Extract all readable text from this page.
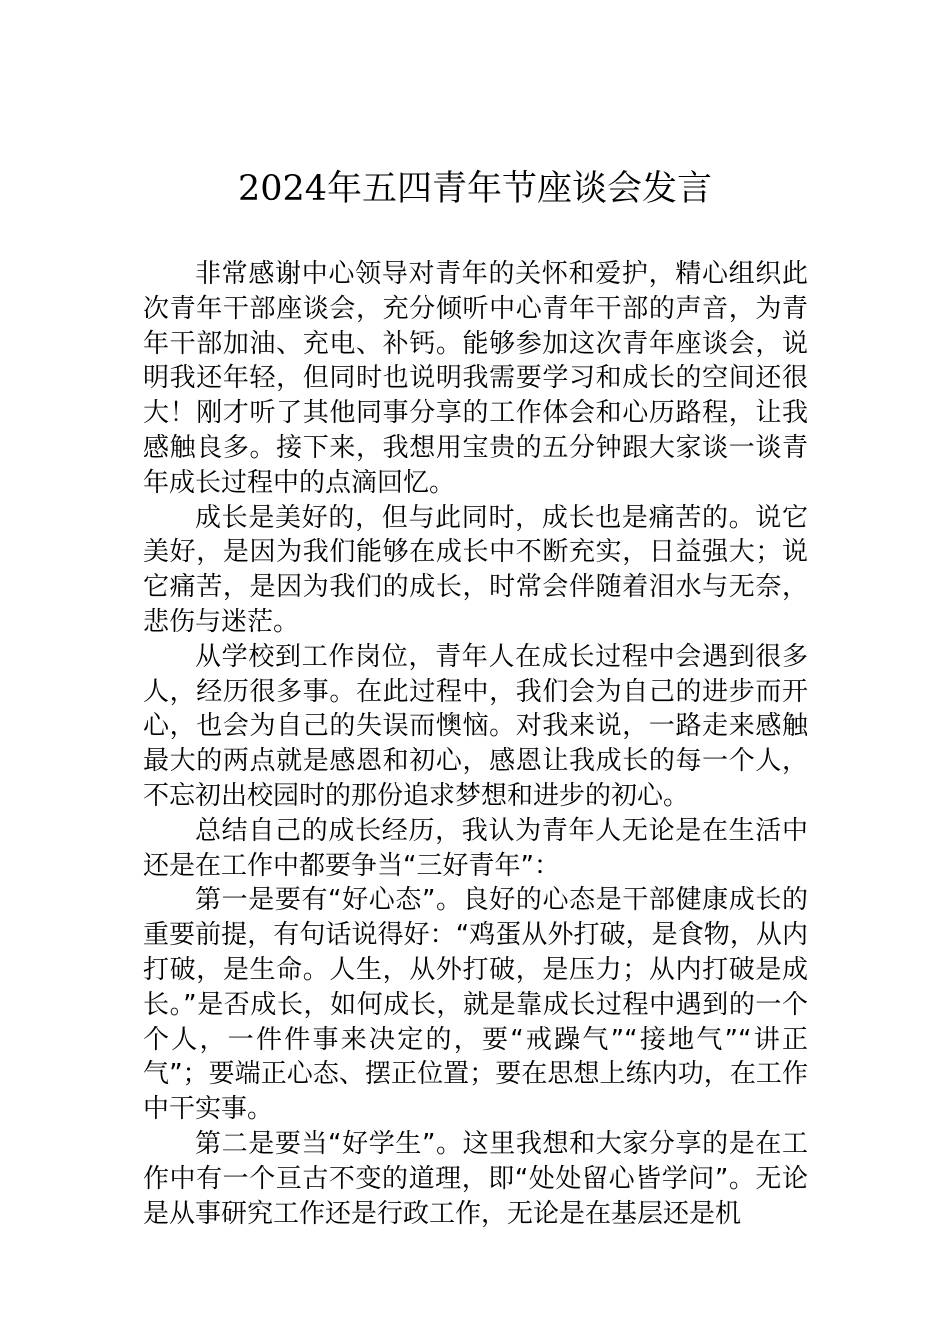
2024年五四青年节座谈会发言

非常感谢中心领导对青年的关怀和爱护，精心组织此次青年干部座谈会，充分倾听中心青年干部的声音，为青年干部加油、充电、补钙。能够参加这次青年座谈会，说明我还年轻，但同时也说明我需要学习和成长的空间还很大！刚才听了其他同事分享的工作体会和心历路程，让我感触良多。接下来，我想用宝贵的五分钟跟大家谈一谈青年成长过程中的点滴回忆。

成长是美好的，但与此同时，成长也是痛苦的。说它美好，是因为我们能够在成长中不断充实，日益强大；说它痛苦，是因为我们的成长，时常会伴随着泪水与无奈，悲伤与迷茫。

从学校到工作岗位，青年人在成长过程中会遇到很多人，经历很多事。在此过程中，我们会为自己的进步而开心，也会为自己的失误而懊恼。对我来说，一路走来感触最大的两点就是感恩和初心，感恩让我成长的每一个人，不忘初出校园时的那份追求梦想和进步的初心。

总结自己的成长经历，我认为青年人无论是在生活中还是在工作中都要争当“三好青年”：

第一是要有“好心态”。良好的心态是干部健康成长的重要前提，有句话说得好：“鸡蛋从外打破，是食物，从内打破，是生命。人生，从外打破，是压力；从内打破是成长。”是否成长，如何成长，就是靠成长过程中遇到的一个个人，一件件事来决定的，要“戒躁气”“接地气”“讲正气”；要端正心态、摆正位置；要在思想上练内功，在工作中干实事。

第二是要当“好学生”。这里我想和大家分享的是在工作中有一个亘古不变的道理，即“处处留心皆学问”。无论是从事研究工作还是行政工作，无论是在基层还是机
